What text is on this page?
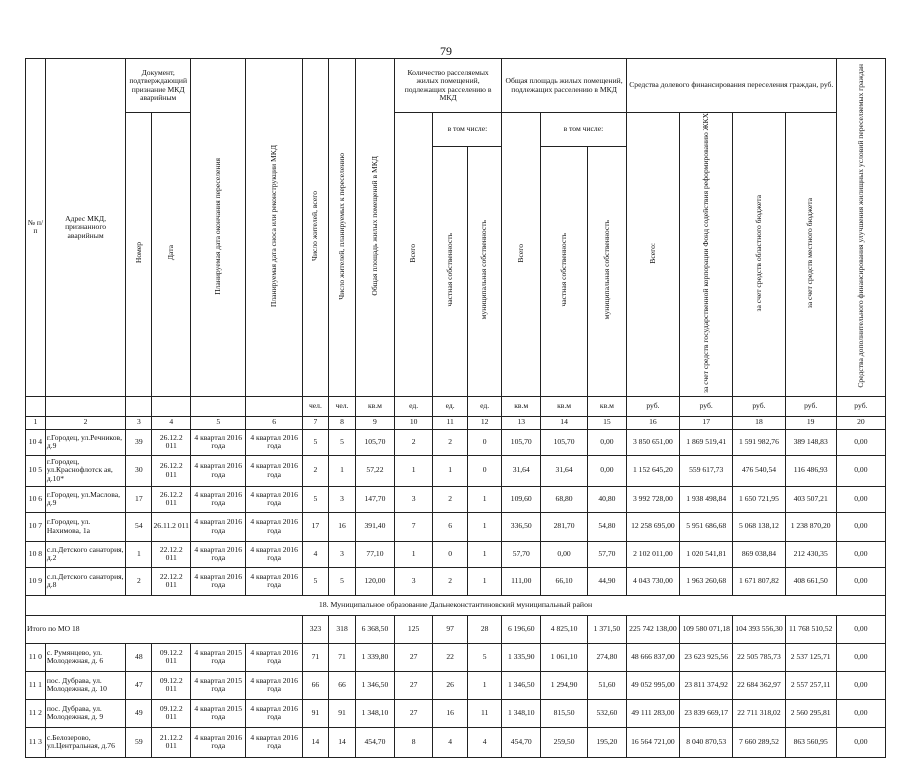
79
№ п/ п	Адрес МКД, признанного аварийным	Документ, подтверждающий признание МКД аварийным		Планируемая дата окончания переселения	Планируемая дата сноса или реконструкции МКД	Число жителей, всего	Число жителей, планируемых к переселению	Общая площадь жилых помещений в МКД	Количество расселяемых жилых помещений, подлежащих расселению в МКД			Общая площадь жилых помещений, подлежащих расселению в МКД			Средства долевого финансирования переселения граждан, руб.				Средства дополнительного финансирования улучшения жилищных условий переселяемых граждан
		Номер	Дата						Всего	в том числе:		Всего	в том числе:		Всего:	за счет средств государственной корпорации Фонд содействия реформированию ЖКХ	за счет средств областного бюджета	за счет средств местного бюджета	
										частная собственность	муниципальная собственность		частная собственность	муниципальная собственность					
						чел.	чел.	кв.м	ед.	ед.	ед.	кв.м	кв.м	кв.м	руб.	руб.	руб.	руб.	руб.
1	2	3	4	5	6	7	8	9	10	11	12	13	14	15	16	17	18	19	20
10 4	г.Городец, ул.Речников, д.9	39	26.12.2 011	4 квартал 2016 года	4 квартал 2016 года	5	5	105,70	2	2	0	105,70	105,70	0,00	3 850 651,00	1 869 519,41	1 591 982,76	389 148,83	0,00
10 5	г.Городец, ул.Краснофлотск ая, д.10*	30	26.12.2 011	4 квартал 2016 года	4 квартал 2016 года	2	1	57,22	1	1	0	31,64	31,64	0,00	1 152 645,20	559 617,73	476 540,54	116 486,93	0,00
10 6	г.Городец, ул.Маслова, д.9	17	26.12.2 011	4 квартал 2016 года	4 квартал 2016 года	5	3	147,70	3	2	1	109,60	68,80	40,80	3 992 728,00	1 938 498,84	1 650 721,95	403 507,21	0,00
10 7	г.Городец, ул. Нахимова, 1а	54	26.11.2 011	4 квартал 2016 года	4 квартал 2016 года	17	16	391,40	7	6	1	336,50	281,70	54,80	12 258 695,00	5 951 686,68	5 068 138,12	1 238 870,20	0,00
10 8	с.п.Детского санатория, д.2	1	22.12.2 011	4 квартал 2016 года	4 квартал 2016 года	4	3	77,10	1	0	1	57,70	0,00	57,70	2 102 011,00	1 020 541,81	869 038,84	212 430,35	0,00
10 9	с.п.Детского санатория, д.8	2	22.12.2 011	4 квартал 2016 года	4 квартал 2016 года	5	5	120,00	3	2	1	111,00	66,10	44,90	4 043 730,00	1 963 260,68	1 671 807,82	408 661,50	0,00
18. Муниципальное образование Дальнеконстантиновский муниципальный район																			
Итого по МО 18						323	318	6 368,50	125	97	28	6 196,60	4 825,10	1 371,50	225 742 138,00	109 580 071,18	104 393 556,30	11 768 510,52	0,00
11 0	с. Румянцево, ул. Молодежная, д. 6	48	09.12.2 011	4 квартал 2015 года	4 квартал 2016 года	71	71	1 339,80	27	22	5	1 335,90	1 061,10	274,80	48 666 837,00	23 623 925,56	22 505 785,73	2 537 125,71	0,00
11 1	пос. Дубрава, ул. Молодежная, д. 10	47	09.12.2 011	4 квартал 2015 года	4 квартал 2016 года	66	66	1 346,50	27	26	1	1 346,50	1 294,90	51,60	49 052 995,00	23 811 374,92	22 684 362,97	2 557 257,11	0,00
11 2	пос. Дубрава, ул. Молодежная, д. 9	49	09.12.2 011	4 квартал 2015 года	4 квартал 2016 года	91	91	1 348,10	27	16	11	1 348,10	815,50	532,60	49 111 283,00	23 839 669,17	22 711 318,02	2 560 295,81	0,00
11 3	с.Белозерово, ул.Центральная, д.76	59	21.12.2 011	4 квартал 2016 года	4 квартал 2016 года	14	14	454,70	8	4	4	454,70	259,50	195,20	16 564 721,00	8 040 870,53	7 660 289,52	863 560,95	0,00
